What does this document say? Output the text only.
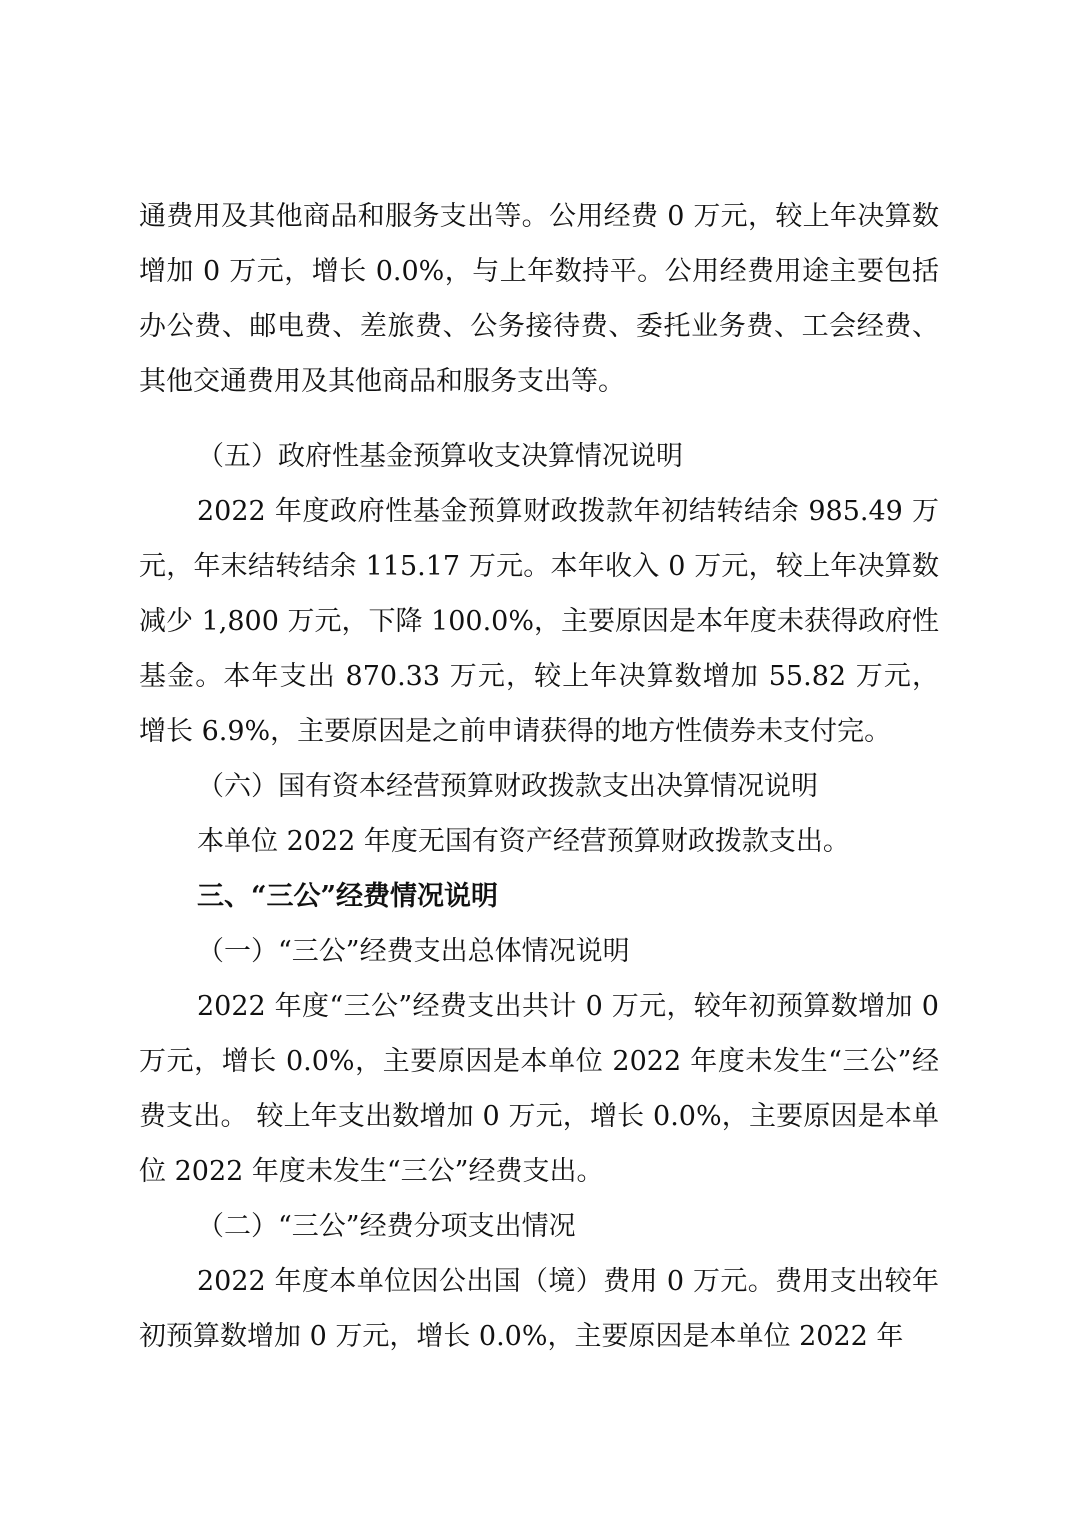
通费用及其他商品和服务支出等。公用经费 0 万元，较上年决算数增加 0 万元，增长 0.0%，与上年数持平。公用经费用途主要包括办公费、邮电费、差旅费、公务接待费、委托业务费、工会经费、其他交通费用及其他商品和服务支出等。

（五）政府性基金预算收支决算情况说明

2022 年度政府性基金预算财政拨款年初结转结余 985.49 万元，年末结转结余 115.17 万元。本年收入 0 万元，较上年决算数减少 1,800 万元，下降 100.0%，主要原因是本年度未获得政府性基金。本年支出 870.33 万元，较上年决算数增加 55.82 万元，增长 6.9%，主要原因是之前申请获得的地方性债券未支付完。

（六）国有资本经营预算财政拨款支出决算情况说明

本单位 2022 年度无国有资产经营预算财政拨款支出。

三、“三公”经费情况说明

（一）“三公”经费支出总体情况说明

2022 年度“三公”经费支出共计 0 万元，较年初预算数增加 0 万元，增长 0.0%，主要原因是本单位 2022 年度未发生“三公”经费支出。 较上年支出数增加 0 万元，增长 0.0%，主要原因是本单位 2022 年度未发生“三公”经费支出。

（二）“三公”经费分项支出情况

2022 年度本单位因公出国（境）费用 0 万元。费用支出较年初预算数增加 0 万元，增长 0.0%，主要原因是本单位 2022 年
